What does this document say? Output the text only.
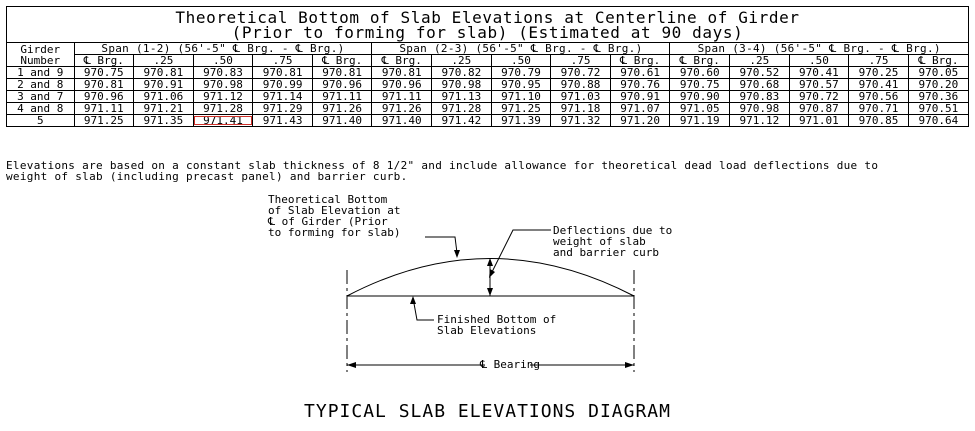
Theoretical Bottom of Slab Elevations at Centerline of Girder
(Prior to forming for slab) (Estimated at 90 days)
Girder
Number	Span (1-2) (56'-5" ℄ Brg. - ℄ Brg.)					Span (2-3) (56'-5" ℄ Brg. - ℄ Brg.)					Span (3-4) (56'-5" ℄ Brg. - ℄ Brg.)				
	℄ Brg.	.25	.50	.75	℄ Brg.	℄ Brg.	.25	.50	.75	℄ Brg.	℄ Brg.	.25	.50	.75	℄ Brg.
1 and 9	970.75	970.81	970.83	970.81	970.81	970.81	970.82	970.79	970.72	970.61	970.60	970.52	970.41	970.25	970.05
2 and 8	970.81	970.91	970.98	970.99	970.96	970.96	970.98	970.95	970.88	970.76	970.75	970.68	970.57	970.41	970.20
3 and 7	970.96	971.06	971.12	971.14	971.11	971.11	971.13	971.10	971.03	970.91	970.90	970.83	970.72	970.56	970.36
4 and 8	971.11	971.21	971.28	971.29	971.26	971.26	971.28	971.25	971.18	971.07	971.05	970.98	970.87	970.71	970.51
5	971.25	971.35	971.41	971.43	971.40	971.40	971.42	971.39	971.32	971.20	971.19	971.12	971.01	970.85	970.64
Elevations are based on a constant slab thickness of 8 1/2" and include allowance for theoretical dead load deflections due to
weight of slab (including precast panel) and barrier curb.
Theoretical Bottom
of Slab Elevation at
℄ of Girder (Prior
to forming for slab)	Deflections due to
weight of slab
and barrier curb
Finished Bottom of
Slab Elevations
℄ Bearing
TYPICAL SLAB ELEVATIONS DIAGRAM
